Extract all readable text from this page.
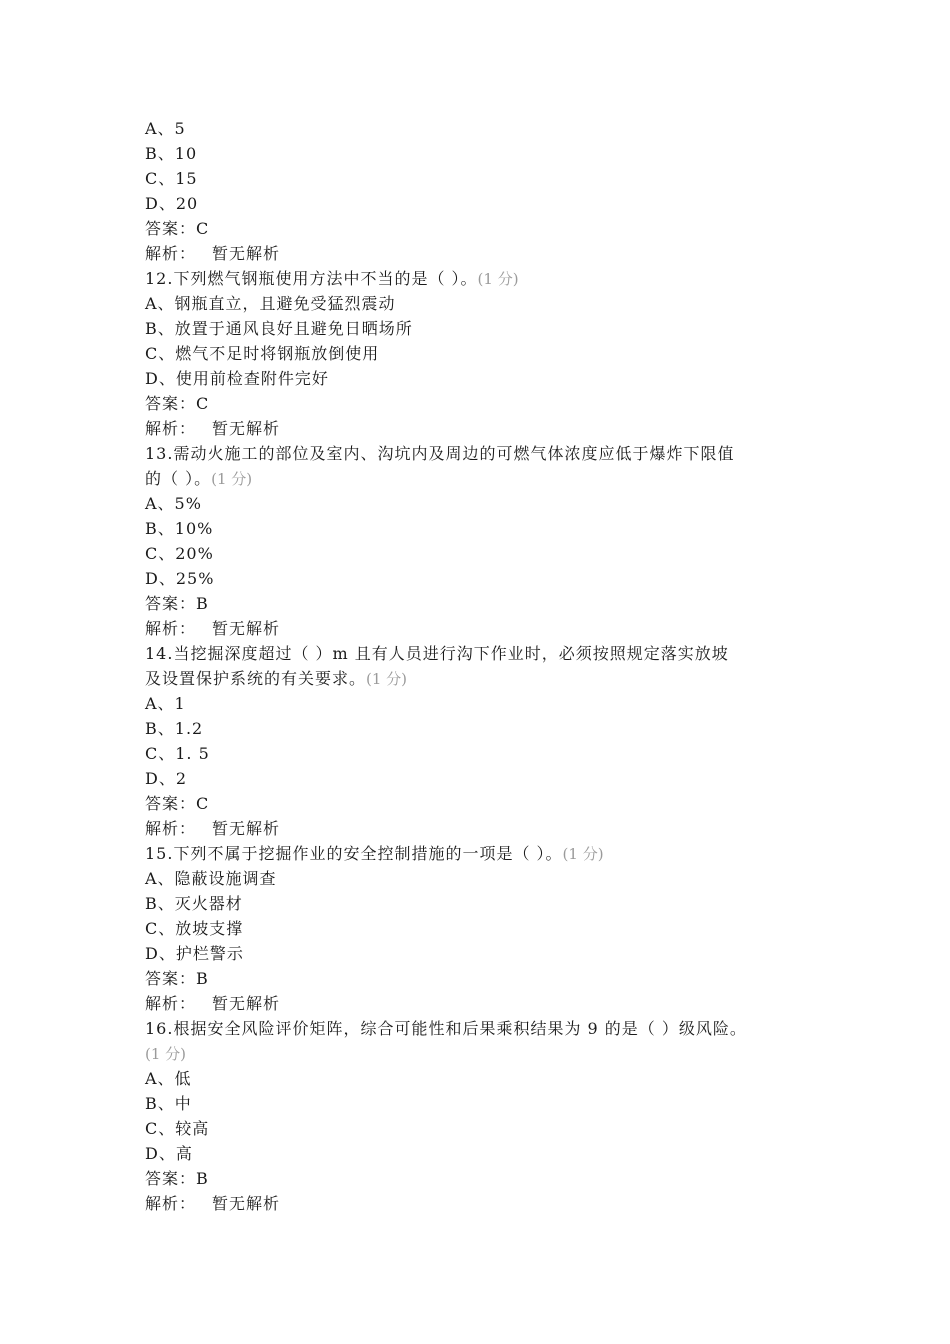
A、5
B、10
C、15
D、20
答案：C
解析： 暂无解析
12.下列燃气钢瓶使用方法中不当的是（ ）。(1 分)
A、钢瓶直立，且避免受猛烈震动
B、放置于通风良好且避免日晒场所
C、燃气不足时将钢瓶放倒使用
D、使用前检查附件完好
答案：C
解析： 暂无解析
13.需动火施工的部位及室内、沟坑内及周边的可燃气体浓度应低于爆炸下限值
的（ ）。(1 分)
A、5%
B、10%
C、20%
D、25%
答案：B
解析： 暂无解析
14.当挖掘深度超过（ ）m 且有人员进行沟下作业时，必须按照规定落实放坡
及设置保护系统的有关要求。(1 分)
A、1
B、1.2
C、1. 5
D、2
答案：C
解析： 暂无解析
15.下列不属于挖掘作业的安全控制措施的一项是（ ）。(1 分)
A、隐蔽设施调查
B、灭火器材
C、放坡支撑
D、护栏警示
答案：B
解析： 暂无解析
16.根据安全风险评价矩阵，综合可能性和后果乘积结果为 9 的是（ ）级风险。
(1 分)
A、低
B、中
C、较高
D、高
答案：B
解析： 暂无解析
